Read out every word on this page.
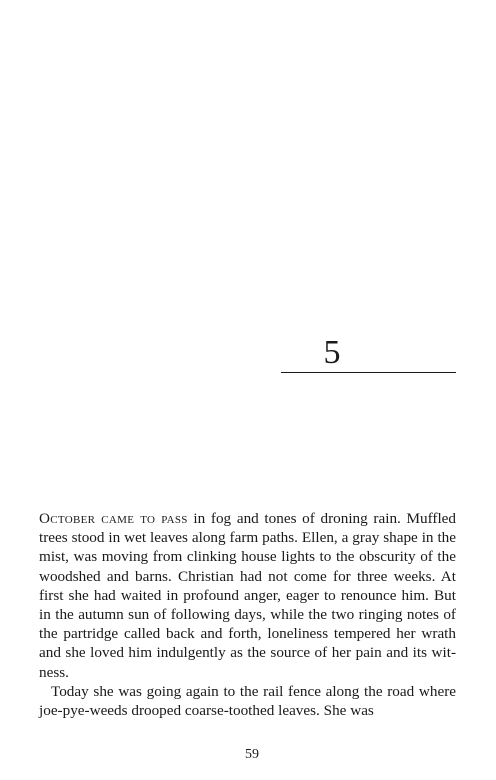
5

October came to pass in fog and tones of droning rain. Muffled trees stood in wet leaves along farm paths. Ellen, a gray shape in the mist, was moving from clinking house lights to the obscurity of the woodshed and barns. Christian had not come for three weeks. At first she had waited in profound anger, eager to renounce him. But in the autumn sun of following days, while the two ringing notes of the partridge called back and forth, loneliness tempered her wrath and she loved him indulgently as the source of her pain and its witness.

Today she was going again to the rail fence along the road where joe-pye-weeds drooped coarse-toothed leaves. She was

59
